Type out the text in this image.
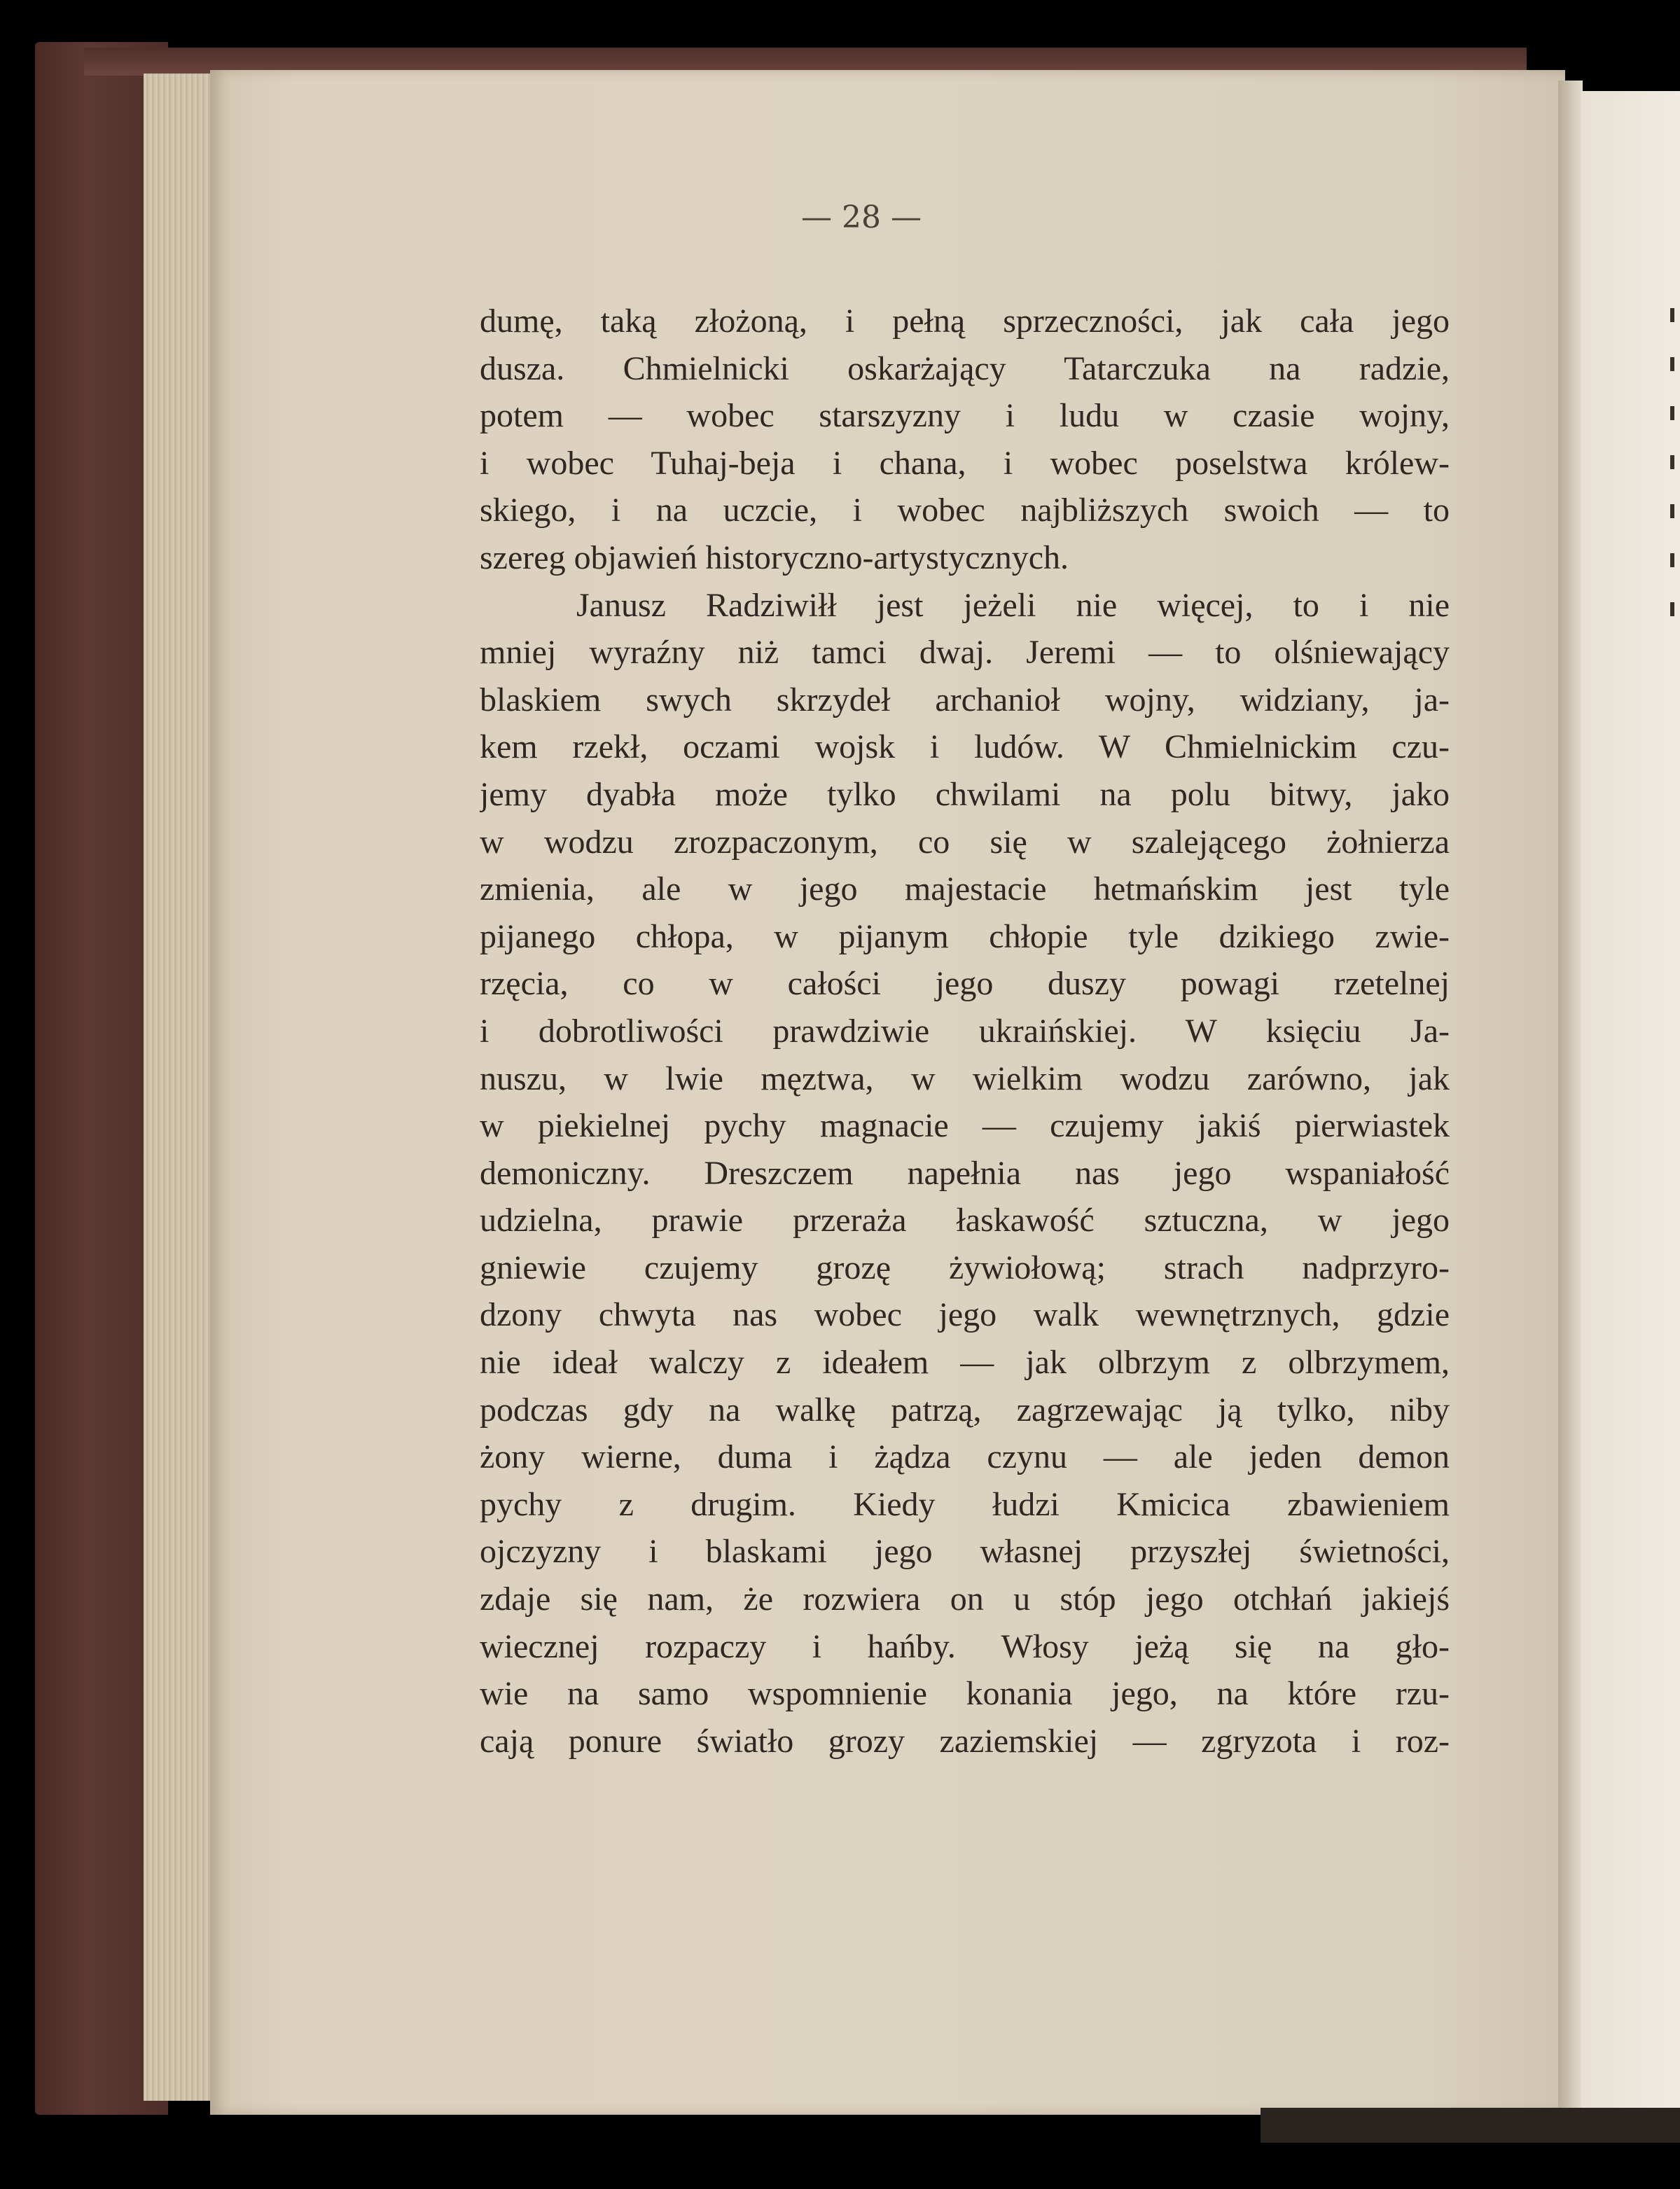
— 28 —
dumę, taką złożoną, i pełną sprzeczności, jak cała jego
dusza. Chmielnicki oskarżający Tatarczuka na radzie,
potem — wobec starszyzny i ludu w czasie wojny,
i wobec Tuhaj-beja i chana, i wobec poselstwa królew-
skiego, i na uczcie, i wobec najbliższych swoich — to
szereg objawień historyczno-artystycznych.
Janusz Radziwiłł jest jeżeli nie więcej, to i nie
mniej wyraźny niż tamci dwaj. Jeremi — to olśniewający
blaskiem swych skrzydeł archanioł wojny, widziany, ja-
kem rzekł, oczami wojsk i ludów. W Chmielnickim czu-
jemy dyabła może tylko chwilami na polu bitwy, jako
w wodzu zrozpaczonym, co się w szalejącego żołnierza
zmienia, ale w jego majestacie hetmańskim jest tyle
pijanego chłopa, w pijanym chłopie tyle dzikiego zwie-
rzęcia, co w całości jego duszy powagi rzetelnej
i dobrotliwości prawdziwie ukraińskiej. W księciu Ja-
nuszu, w lwie męztwa, w wielkim wodzu zarówno, jak
w piekielnej pychy magnacie — czujemy jakiś pierwiastek
demoniczny. Dreszczem napełnia nas jego wspaniałość
udzielna, prawie przeraża łaskawość sztuczna, w jego
gniewie czujemy grozę żywiołową; strach nadprzyro-
dzony chwyta nas wobec jego walk wewnętrznych, gdzie
nie ideał walczy z ideałem — jak olbrzym z olbrzymem,
podczas gdy na walkę patrzą, zagrzewając ją tylko, niby
żony wierne, duma i żądza czynu — ale jeden demon
pychy z drugim. Kiedy łudzi Kmicica zbawieniem
ojczyzny i blaskami jego własnej przyszłej świetności,
zdaje się nam, że rozwiera on u stóp jego otchłań jakiejś
wiecznej rozpaczy i hańby. Włosy jeżą się na gło-
wie na samo wspomnienie konania jego, na które rzu-
cają ponure światło grozy zaziemskiej — zgryzota i roz-
